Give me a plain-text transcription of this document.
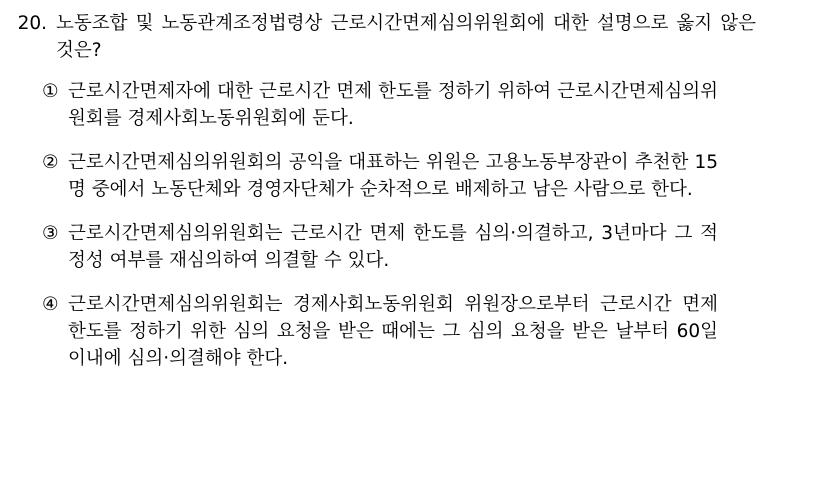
20. 노동조합 및 노동관계조정법령상 근로시간면제심의위원회에 대한 설명으로 옳지 않은 것은?
① 근로시간면제자에 대한 근로시간 면제 한도를 정하기 위하여 근로시간면제심의위원회를 경제사회노동위원회에 둔다.
② 근로시간면제심의위원회의 공익을 대표하는 위원은 고용노동부장관이 추천한 15명 중에서 노동단체와 경영자단체가 순차적으로 배제하고 남은 사람으로 한다.
③ 근로시간면제심의위원회는 근로시간 면제 한도를 심의·의결하고, 3년마다 그 적정성 여부를 재심의하여 의결할 수 있다.
④ 근로시간면제심의위원회는 경제사회노동위원회 위원장으로부터 근로시간 면제 한도를 정하기 위한 심의 요청을 받은 때에는 그 심의 요청을 받은 날부터 60일 이내에 심의·의결해야 한다.
